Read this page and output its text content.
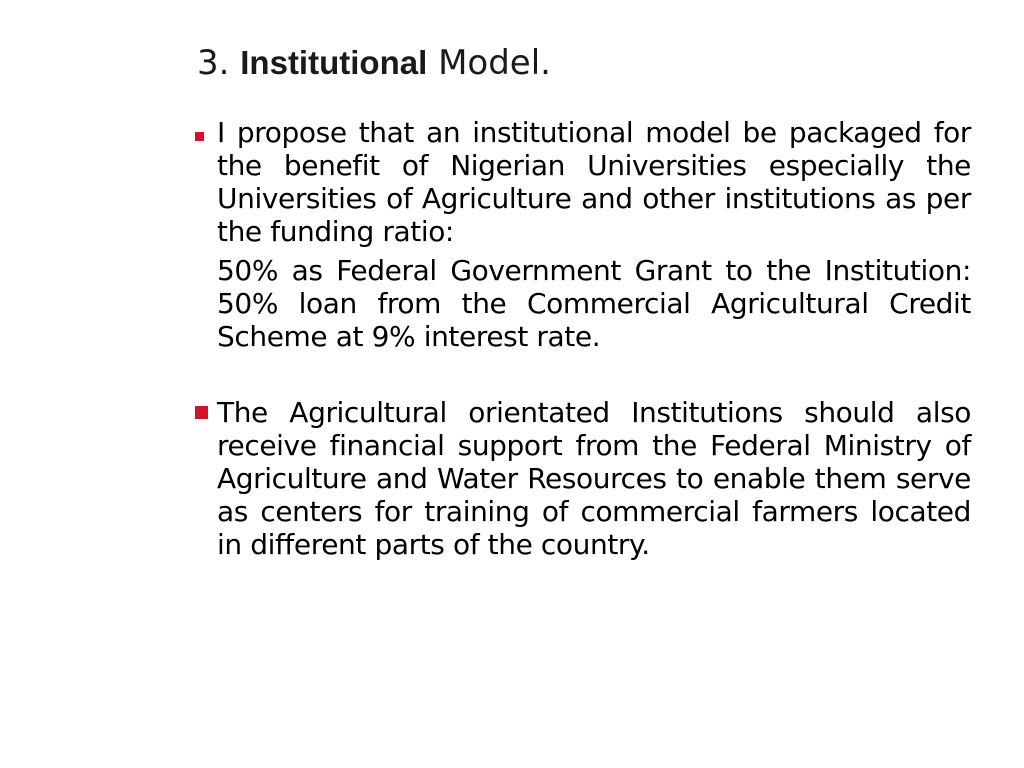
3. Institutional Model.

I propose that an institutional model be packaged for the benefit of Nigerian Universities especially the Universities of Agriculture and other institutions as per the funding ratio:

50% as Federal Government Grant to the Institution: 50% loan from the Commercial Agricultural Credit Scheme at 9% interest rate.

The Agricultural orientated Institutions should also receive financial support from the Federal Ministry of Agriculture and Water Resources to enable them serve as centers for training of commercial farmers located in different parts of the country.
